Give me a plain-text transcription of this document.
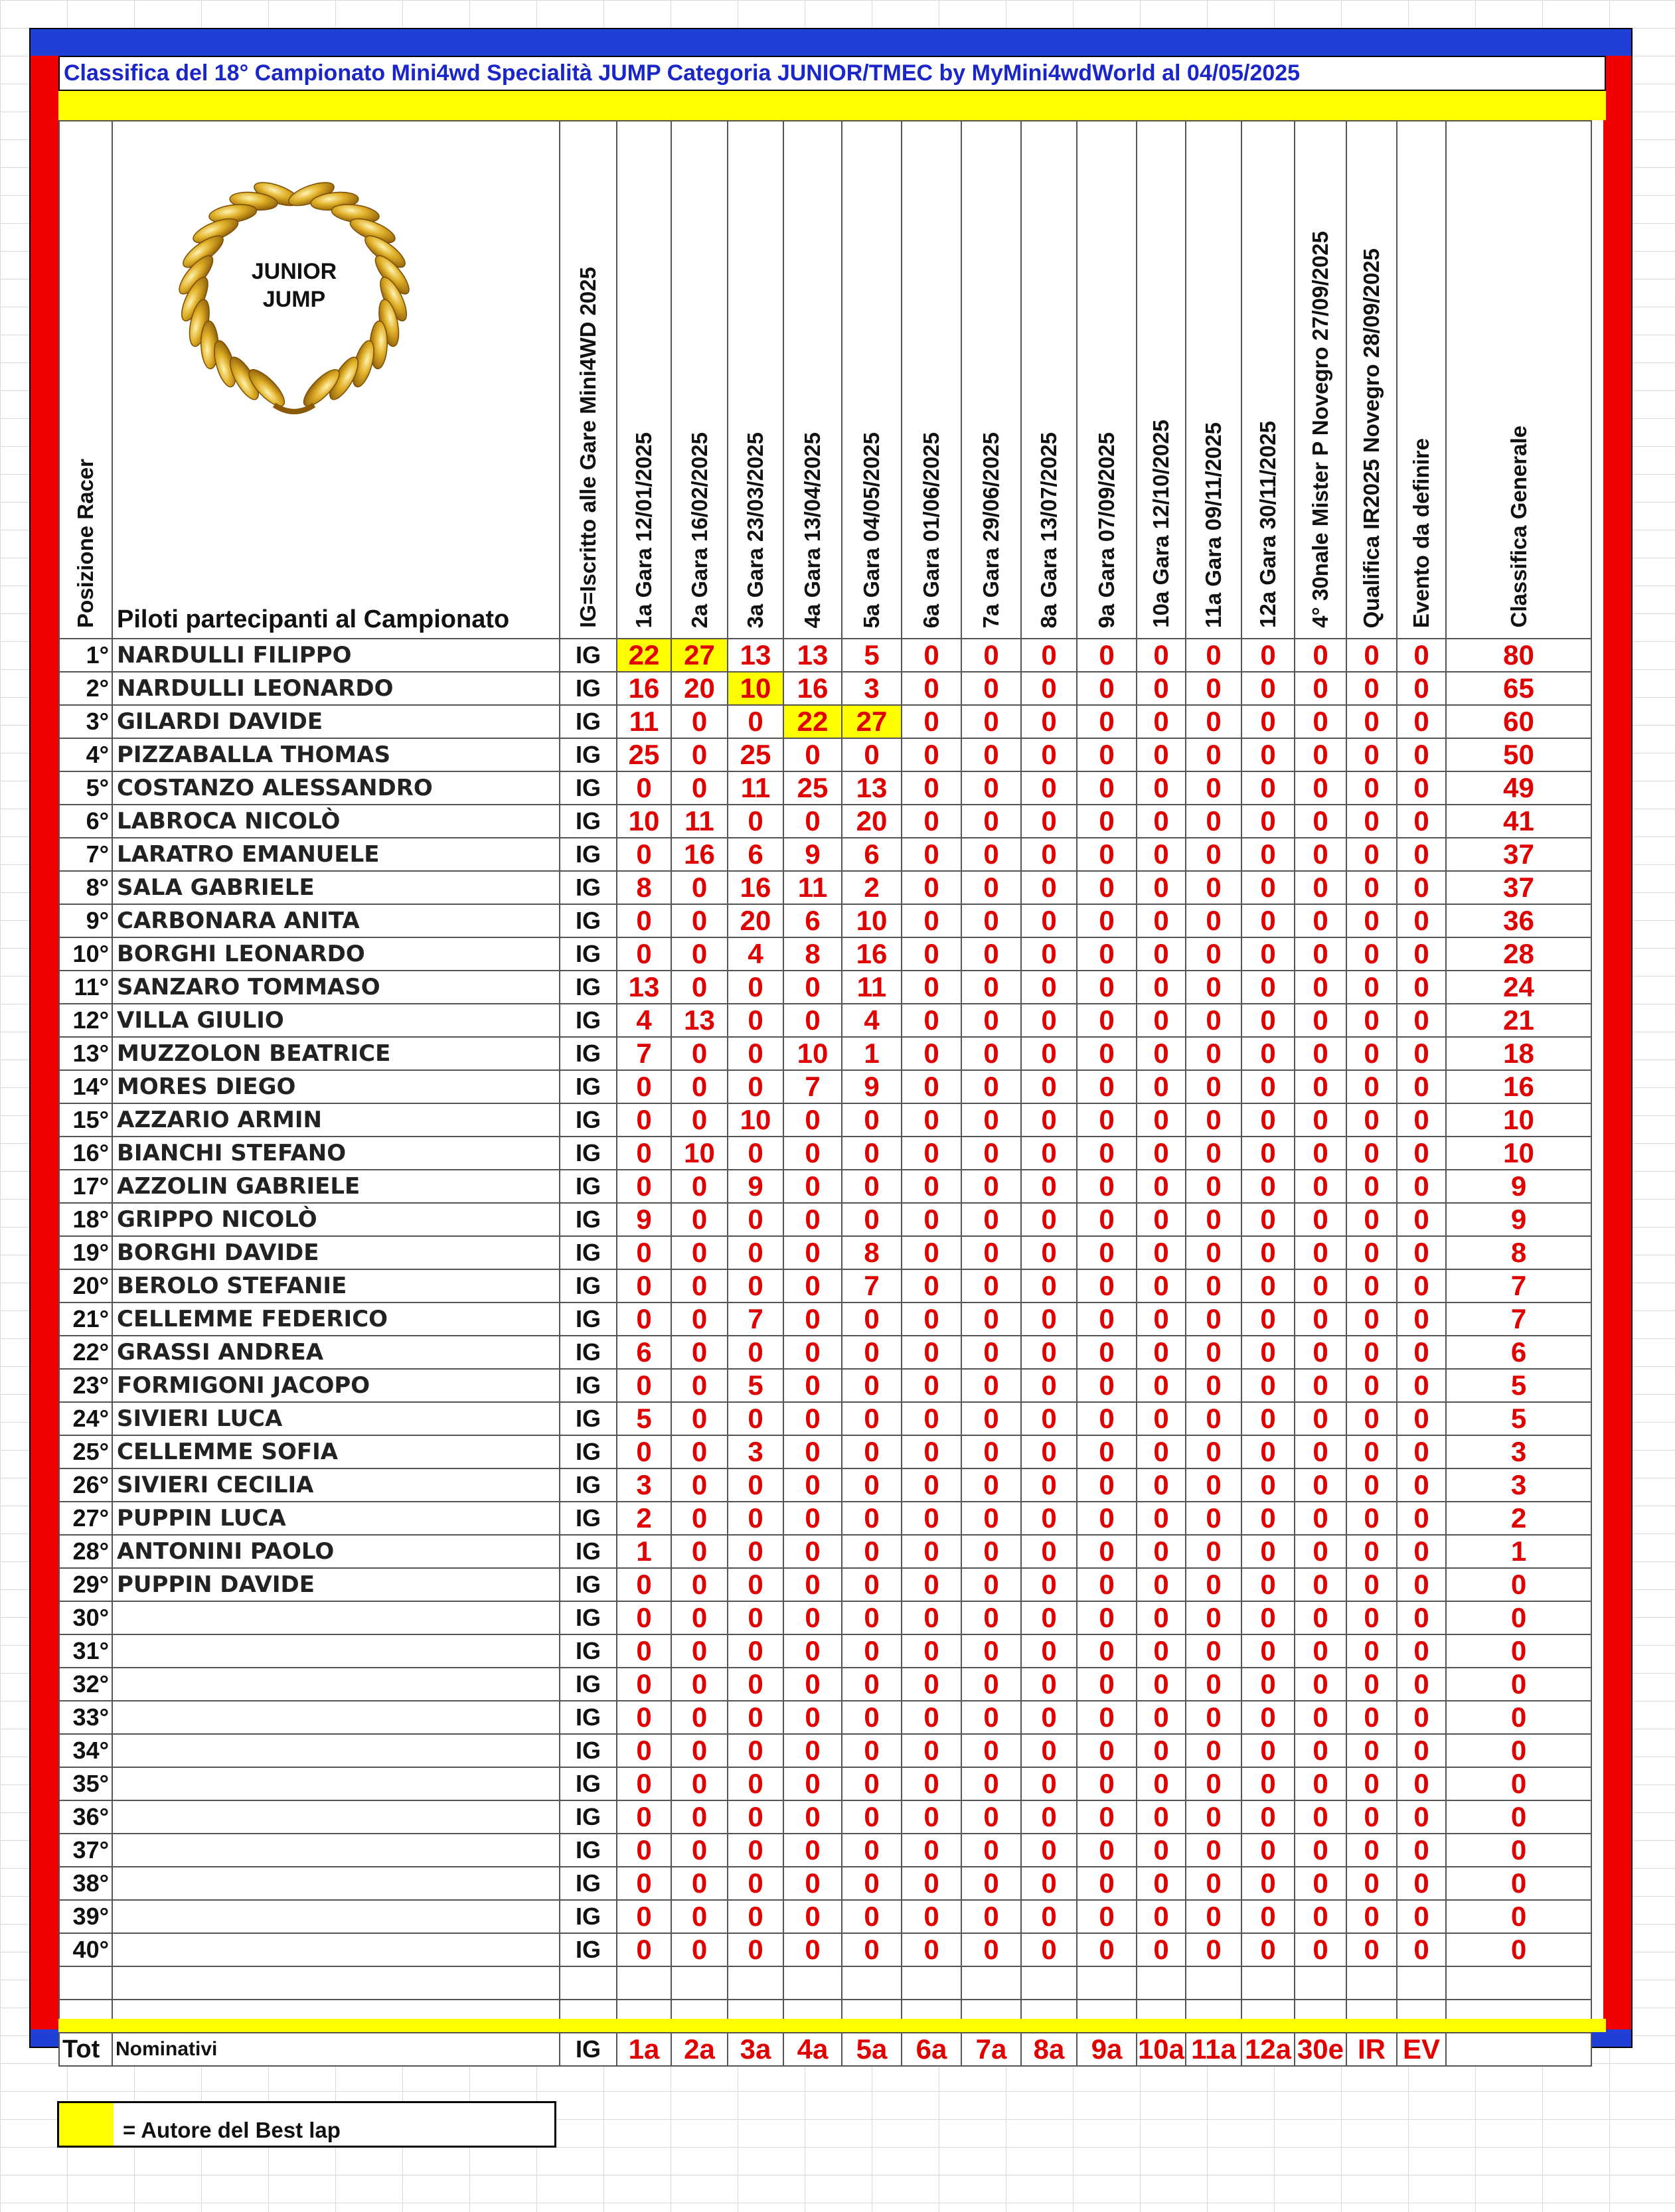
Classifica del 18° Campionato Mini4wd Specialità JUMP Categoria JUNIOR/TMEC by MyMini4wdWorld al 04/05/2025
Posizione Racer	Piloti partecipanti al Campionato	IG=Iscritto alle Gare Mini4WD 2025	1a Gara 12/01/2025	2a Gara 16/02/2025	3a Gara 23/03/2025	4a Gara 13/04/2025	5a Gara 04/05/2025	6a Gara 01/06/2025	7a Gara 29/06/2025	8a Gara 13/07/2025	9a Gara 07/09/2025	10a Gara 12/10/2025	11a Gara 09/11/2025	12a Gara 30/11/2025	4° 30nale Mister P Novegro 27/09/2025	Qualifica IR2025 Novegro 28/09/2025	Evento da definire	Classifica Generale
1°	NARDULLI FILIPPO	IG	22	27	13	13	5	0	0	0	0	0	0	0	0	0	0	80
2°	NARDULLI LEONARDO	IG	16	20	10	16	3	0	0	0	0	0	0	0	0	0	0	65
3°	GILARDI DAVIDE	IG	11	0	0	22	27	0	0	0	0	0	0	0	0	0	0	60
4°	PIZZABALLA THOMAS	IG	25	0	25	0	0	0	0	0	0	0	0	0	0	0	0	50
5°	COSTANZO ALESSANDRO	IG	0	0	11	25	13	0	0	0	0	0	0	0	0	0	0	49
6°	LABROCA NICOLÒ	IG	10	11	0	0	20	0	0	0	0	0	0	0	0	0	0	41
7°	LARATRO EMANUELE	IG	0	16	6	9	6	0	0	0	0	0	0	0	0	0	0	37
8°	SALA GABRIELE	IG	8	0	16	11	2	0	0	0	0	0	0	0	0	0	0	37
9°	CARBONARA ANITA	IG	0	0	20	6	10	0	0	0	0	0	0	0	0	0	0	36
10°	BORGHI LEONARDO	IG	0	0	4	8	16	0	0	0	0	0	0	0	0	0	0	28
11°	SANZARO TOMMASO	IG	13	0	0	0	11	0	0	0	0	0	0	0	0	0	0	24
12°	VILLA GIULIO	IG	4	13	0	0	4	0	0	0	0	0	0	0	0	0	0	21
13°	MUZZOLON BEATRICE	IG	7	0	0	10	1	0	0	0	0	0	0	0	0	0	0	18
14°	MORES DIEGO	IG	0	0	0	7	9	0	0	0	0	0	0	0	0	0	0	16
15°	AZZARIO ARMIN	IG	0	0	10	0	0	0	0	0	0	0	0	0	0	0	0	10
16°	BIANCHI STEFANO	IG	0	10	0	0	0	0	0	0	0	0	0	0	0	0	0	10
17°	AZZOLIN GABRIELE	IG	0	0	9	0	0	0	0	0	0	0	0	0	0	0	0	9
18°	GRIPPO NICOLÒ	IG	9	0	0	0	0	0	0	0	0	0	0	0	0	0	0	9
19°	BORGHI DAVIDE	IG	0	0	0	0	8	0	0	0	0	0	0	0	0	0	0	8
20°	BEROLO STEFANIE	IG	0	0	0	0	7	0	0	0	0	0	0	0	0	0	0	7
21°	CELLEMME FEDERICO	IG	0	0	7	0	0	0	0	0	0	0	0	0	0	0	0	7
22°	GRASSI ANDREA	IG	6	0	0	0	0	0	0	0	0	0	0	0	0	0	0	6
23°	FORMIGONI JACOPO	IG	0	0	5	0	0	0	0	0	0	0	0	0	0	0	0	5
24°	SIVIERI LUCA	IG	5	0	0	0	0	0	0	0	0	0	0	0	0	0	0	5
25°	CELLEMME SOFIA	IG	0	0	3	0	0	0	0	0	0	0	0	0	0	0	0	3
26°	SIVIERI CECILIA	IG	3	0	0	0	0	0	0	0	0	0	0	0	0	0	0	3
27°	PUPPIN LUCA	IG	2	0	0	0	0	0	0	0	0	0	0	0	0	0	0	2
28°	ANTONINI PAOLO	IG	1	0	0	0	0	0	0	0	0	0	0	0	0	0	0	1
29°	PUPPIN DAVIDE	IG	0	0	0	0	0	0	0	0	0	0	0	0	0	0	0	0
30°		IG	0	0	0	0	0	0	0	0	0	0	0	0	0	0	0	0
31°		IG	0	0	0	0	0	0	0	0	0	0	0	0	0	0	0	0
32°		IG	0	0	0	0	0	0	0	0	0	0	0	0	0	0	0	0
33°		IG	0	0	0	0	0	0	0	0	0	0	0	0	0	0	0	0
34°		IG	0	0	0	0	0	0	0	0	0	0	0	0	0	0	0	0
35°		IG	0	0	0	0	0	0	0	0	0	0	0	0	0	0	0	0
36°		IG	0	0	0	0	0	0	0	0	0	0	0	0	0	0	0	0
37°		IG	0	0	0	0	0	0	0	0	0	0	0	0	0	0	0	0
38°		IG	0	0	0	0	0	0	0	0	0	0	0	0	0	0	0	0
39°		IG	0	0	0	0	0	0	0	0	0	0	0	0	0	0	0	0
40°		IG	0	0	0	0	0	0	0	0	0	0	0	0	0	0	0	0

Tot	Nominativi	IG	1a	2a	3a	4a	5a	6a	7a	8a	9a	10a	11a	12a	30e	IR	EV	
JUNIOR
JUMP
= Autore del Best lap
